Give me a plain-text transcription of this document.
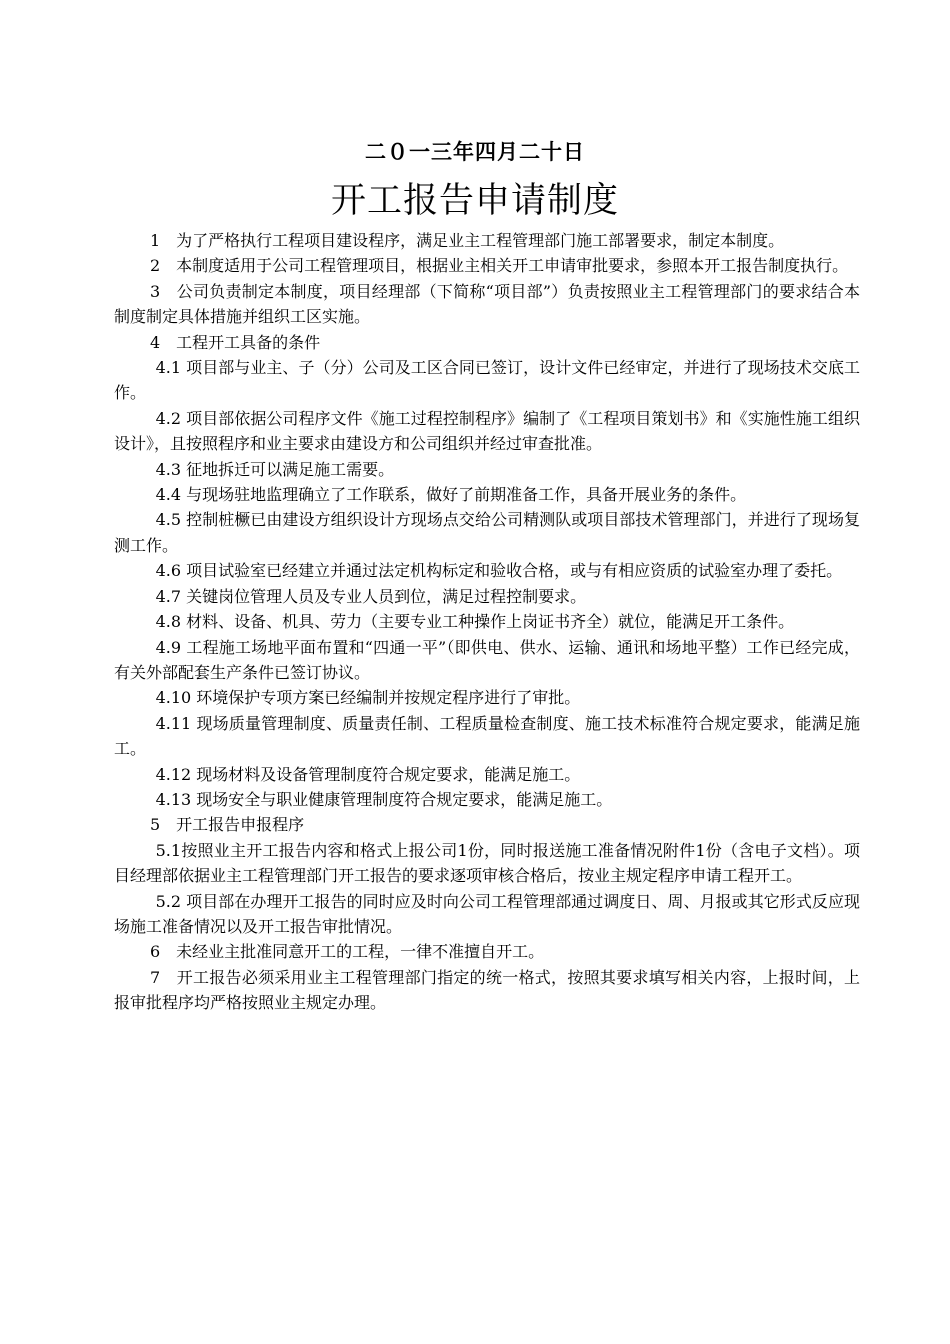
二０一三年四月二十日
开工报告申请制度

1　为了严格执行工程项目建设程序，满足业主工程管理部门施工部署要求，制定本制度。

2　本制度适用于公司工程管理项目，根据业主相关开工申请审批要求，参照本开工报告制度执行。

3　公司负责制定本制度，项目经理部（下简称“项目部”）负责按照业主工程管理部门的要求结合本制度制定具体措施并组织工区实施。

4　工程开工具备的条件

4.1 项目部与业主、子（分）公司及工区合同已签订，设计文件已经审定，并进行了现场技术交底工作。

4.2 项目部依据公司程序文件《施工过程控制程序》编制了《工程项目策划书》和《实施性施工组织设计》，且按照程序和业主要求由建设方和公司组织并经过审查批准。

4.3 征地拆迁可以满足施工需要。

4.4 与现场驻地监理确立了工作联系，做好了前期准备工作，具备开展业务的条件。

4.5 控制桩橛已由建设方组织设计方现场点交给公司精测队或项目部技术管理部门，并进行了现场复测工作。

4.6 项目试验室已经建立并通过法定机构标定和验收合格，或与有相应资质的试验室办理了委托。

4.7 关键岗位管理人员及专业人员到位，满足过程控制要求。

4.8 材料、设备、机具、劳力（主要专业工种操作上岗证书齐全）就位，能满足开工条件。

4.9 工程施工场地平面布置和“四通一平”（即供电、供水、运输、通讯和场地平整）工作已经完成，有关外部配套生产条件已签订协议。

4.10 环境保护专项方案已经编制并按规定程序进行了审批。

4.11 现场质量管理制度、质量责任制、工程质量检查制度、施工技术标准符合规定要求，能满足施工。

4.12 现场材料及设备管理制度符合规定要求，能满足施工。

4.13 现场安全与职业健康管理制度符合规定要求，能满足施工。

5　开工报告申报程序

5.1按照业主开工报告内容和格式上报公司1份，同时报送施工准备情况附件1份（含电子文档）。项目经理部依据业主工程管理部门开工报告的要求逐项审核合格后，按业主规定程序申请工程开工。

5.2 项目部在办理开工报告的同时应及时向公司工程管理部通过调度日、周、月报或其它形式反应现场施工准备情况以及开工报告审批情况。

6　未经业主批准同意开工的工程，一律不准擅自开工。

7　开工报告必须采用业主工程管理部门指定的统一格式，按照其要求填写相关内容，上报时间，上报审批程序均严格按照业主规定办理。
